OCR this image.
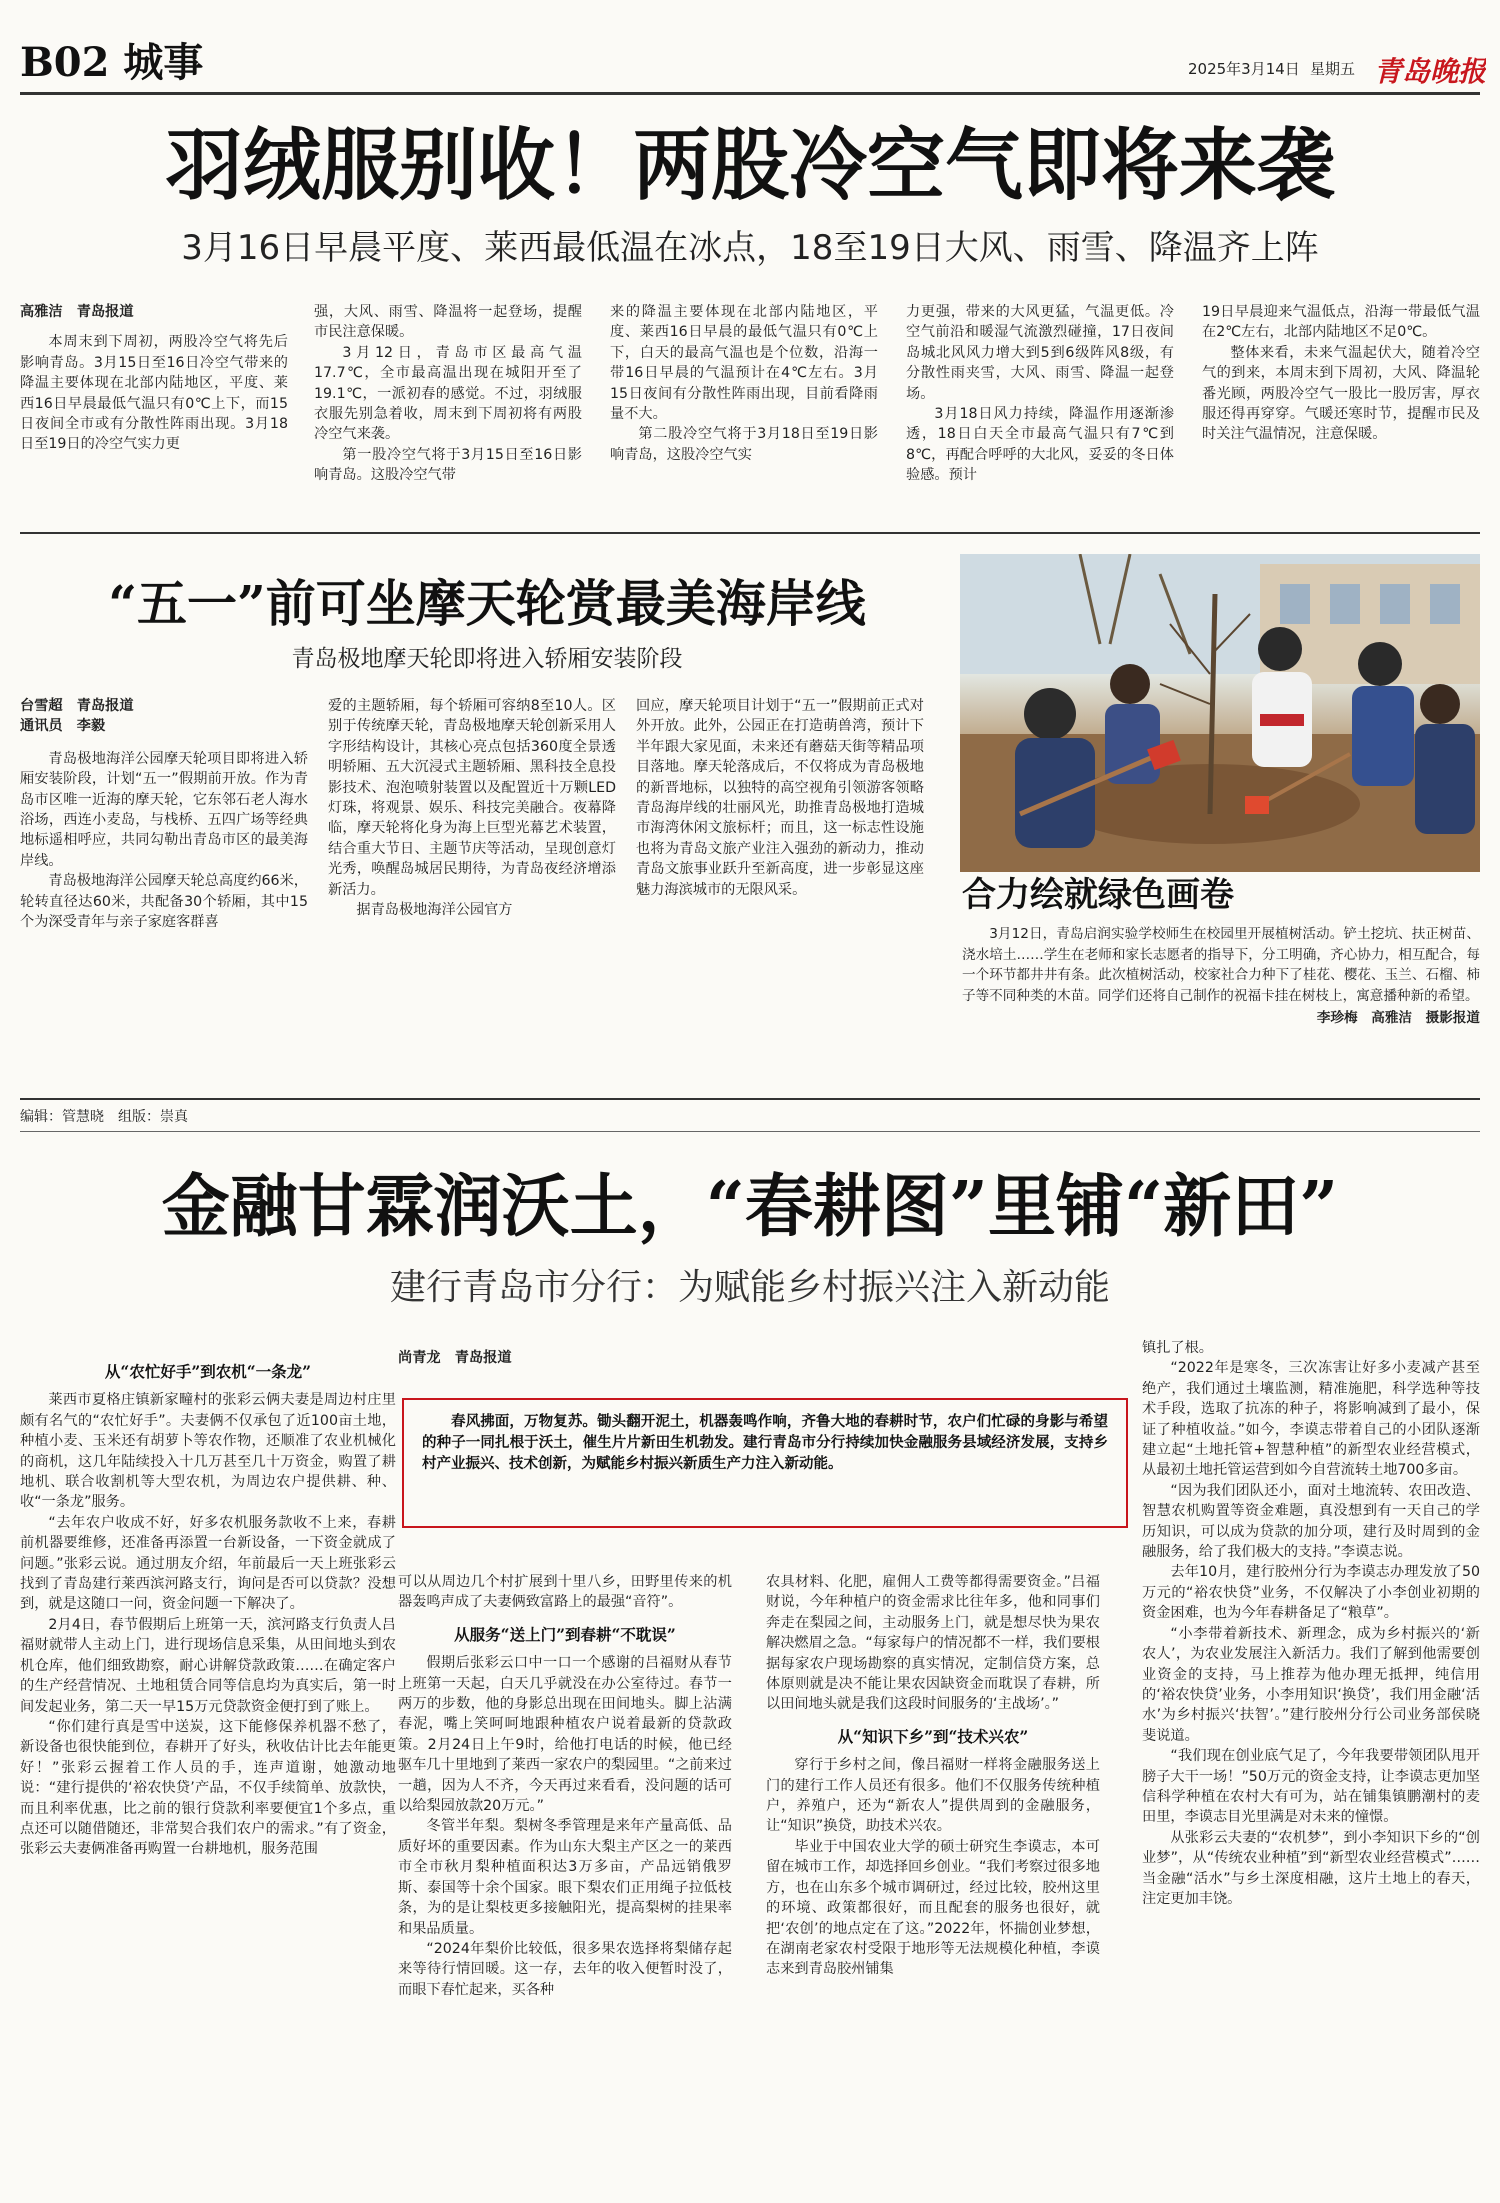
B02 城事	2025年3月14日 星期五 青岛晚报
羽绒服别收！两股冷空气即将来袭
3月16日早晨平度、莱西最低温在冰点，18至19日大风、雨雪、降温齐上阵

高雅洁　青岛报道

本周末到下周初，两股冷空气将先后影响青岛。3月15日至16日冷空气带来的降温主要体现在北部内陆地区，平度、莱西16日早晨最低气温只有0℃上下，而15日夜间全市或有分散性阵雨出现。3月18日至19日的冷空气实力更

强，大风、雨雪、降温将一起登场，提醒市民注意保暖。

3月12日，青岛市区最高气温17.7℃，全市最高温出现在城阳开至了19.1℃，一派初春的感觉。不过，羽绒服衣服先别急着收，周末到下周初将有两股冷空气来袭。

第一股冷空气将于3月15日至16日影响青岛。这股冷空气带

来的降温主要体现在北部内陆地区，平度、莱西16日早晨的最低气温只有0℃上下，白天的最高气温也是个位数，沿海一带16日早晨的气温预计在4℃左右。3月15日夜间有分散性阵雨出现，目前看降雨量不大。

第二股冷空气将于3月18日至19日影响青岛，这股冷空气实

力更强，带来的大风更猛，气温更低。冷空气前沿和暖湿气流激烈碰撞，17日夜间岛城北风风力增大到5到6级阵风8级，有分散性雨夹雪，大风、雨雪、降温一起登场。

3月18日风力持续，降温作用逐渐渗透，18日白天全市最高气温只有7℃到8℃，再配合呼呼的大北风，妥妥的冬日体验感。预计

19日早晨迎来气温低点，沿海一带最低气温在2℃左右，北部内陆地区不足0℃。

整体来看，未来气温起伏大，随着冷空气的到来，本周末到下周初，大风、降温轮番光顾，两股冷空气一股比一股厉害，厚衣服还得再穿穿。气暖还寒时节，提醒市民及时关注气温情况，注意保暖。

“五一”前可坐摩天轮赏最美海岸线
青岛极地摩天轮即将进入轿厢安装阶段

台雪超　青岛报道

通讯员　李毅

青岛极地海洋公园摩天轮项目即将进入轿厢安装阶段，计划“五一”假期前开放。作为青岛市区唯一近海的摩天轮，它东邻石老人海水浴场，西连小麦岛，与栈桥、五四广场等经典地标遥相呼应，共同勾勒出青岛市区的最美海岸线。

青岛极地海洋公园摩天轮总高度约66米，轮转直径达60米，共配备30个轿厢，其中15个为深受青年与亲子家庭客群喜

爱的主题轿厢，每个轿厢可容纳8至10人。区别于传统摩天轮，青岛极地摩天轮创新采用人字形结构设计，其核心亮点包括360度全景透明轿厢、五大沉浸式主题轿厢、黑科技全息投影技术、泡泡喷射装置以及配置近十万颗LED灯珠，将观景、娱乐、科技完美融合。夜幕降临，摩天轮将化身为海上巨型光幕艺术装置，结合重大节日、主题节庆等活动，呈现创意灯光秀，唤醒岛城居民期待，为青岛夜经济增添新活力。

据青岛极地海洋公园官方

回应，摩天轮项目计划于“五一”假期前正式对外开放。此外，公园正在打造萌兽湾，预计下半年跟大家见面，未来还有蘑菇天街等精品项目落地。摩天轮落成后，不仅将成为青岛极地的新晋地标，以独特的高空视角引领游客领略青岛海岸线的壮丽风光，助推青岛极地打造城市海湾休闲文旅标杆；而且，这一标志性设施也将为青岛文旅产业注入强劲的新动力，推动青岛文旅事业跃升至新高度，进一步彰显这座魅力海滨城市的无限风采。	合力绘就绿色画卷

3月12日，青岛启润实验学校师生在校园里开展植树活动。铲土挖坑、扶正树苗、浇水培土……学生在老师和家长志愿者的指导下，分工明确，齐心协力，相互配合，每一个环节都井井有条。此次植树活动，校家社合力种下了桂花、樱花、玉兰、石榴、柿子等不同种类的木苗。同学们还将自己制作的祝福卡挂在树枝上，寓意播种新的希望。

李珍梅　高雅洁　摄影报道

编辑：管慧晓　组版：崇真
金融甘霖润沃土，“春耕图”里铺“新田”
建行青岛市分行：为赋能乡村振兴注入新动能
从“农忙好手”到农机“一条龙”

莱西市夏格庄镇新家疃村的张彩云俩夫妻是周边村庄里颇有名气的“农忙好手”。夫妻俩不仅承包了近100亩土地，种植小麦、玉米还有胡萝卜等农作物，还顺准了农业机械化的商机，这几年陆续投入十几万甚至几十万资金，购置了耕地机、联合收割机等大型农机，为周边农户提供耕、种、收“一条龙”服务。

“去年农户收成不好，好多农机服务款收不上来，春耕前机器要维修，还准备再添置一台新设备，一下资金就成了问题。”张彩云说。通过朋友介绍，年前最后一天上班张彩云找到了青岛建行莱西滨河路支行，询问是否可以贷款？没想到，就是这随口一问，资金问题一下解决了。

2月4日，春节假期后上班第一天，滨河路支行负责人吕福财就带人主动上门，进行现场信息采集，从田间地头到农机仓库，他们细致勘察，耐心讲解贷款政策……在确定客户的生产经营情况、土地租赁合同等信息均为真实后，第一时间发起业务，第二天一早15万元贷款资金便打到了账上。

“你们建行真是雪中送炭，这下能修保养机器不愁了，新设备也很快能到位，春耕开了好头，秋收估计比去年能更好！”张彩云握着工作人员的手，连声道谢，她激动地说：“建行提供的‘裕农快贷’产品，不仅手续简单、放款快，而且利率优惠，比之前的银行贷款利率要便宜1个多点，重点还可以随借随还，非常契合我们农户的需求。”有了资金，张彩云夫妻俩准备再购置一台耕地机，服务范围

尚青龙　青岛报道

春风拂面，万物复苏。锄头翻开泥土，机器轰鸣作响，齐鲁大地的春耕时节，农户们忙碌的身影与希望的种子一同扎根于沃土，催生片片新田生机勃发。建行青岛市分行持续加快金融服务县域经济发展，支持乡村产业振兴、技术创新，为赋能乡村振兴新质生产力注入新动能。

可以从周边几个村扩展到十里八乡，田野里传来的机器轰鸣声成了夫妻俩致富路上的最强“音符”。

从服务“送上门”到春耕“不耽误”

假期后张彩云口中一口一个感谢的吕福财从春节上班第一天起，白天几乎就没在办公室待过。春节一两万的步数，他的身影总出现在田间地头。脚上沾满春泥，嘴上笑呵呵地跟种植农户说着最新的贷款政策。2月24日上午9时，给他打电话的时候，他已经驱车几十里地到了莱西一家农户的梨园里。“之前来过一趟，因为人不齐，今天再过来看看，没问题的话可以给梨园放款20万元。”

冬管半年梨。梨树冬季管理是来年产量高低、品质好坏的重要因素。作为山东大梨主产区之一的莱西市全市秋月梨种植面积达3万多亩，产品远销俄罗斯、泰国等十余个国家。眼下梨农们正用绳子拉低枝条，为的是让梨枝更多接触阳光，提高梨树的挂果率和果品质量。

“2024年梨价比较低，很多果农选择将梨储存起来等待行情回暖。这一存，去年的收入便暂时没了，而眼下春忙起来，买各种

农具材料、化肥，雇佣人工费等都得需要资金。”吕福财说，今年种植户的资金需求比往年多，他和同事们奔走在梨园之间，主动服务上门，就是想尽快为果农解决燃眉之急。“每家每户的情况都不一样，我们要根据每家农户现场勘察的真实情况，定制信贷方案，总体原则就是决不能让果农因缺资金而耽误了春耕，所以田间地头就是我们这段时间服务的‘主战场’。”

从“知识下乡”到“技术兴农”

穿行于乡村之间，像吕福财一样将金融服务送上门的建行工作人员还有很多。他们不仅服务传统种植户，养殖户，还为“新农人”提供周到的金融服务，让“知识”换贷，助技术兴农。

毕业于中国农业大学的硕士研究生李谟志，本可留在城市工作，却选择回乡创业。“我们考察过很多地方，也在山东多个城市调研过，经过比较，胶州这里的环境、政策都很好，而且配套的服务也很好，就把‘农创’的地点定在了这。”2022年，怀揣创业梦想，在湖南老家农村受限于地形等无法规模化种植，李谟志来到青岛胶州铺集

镇扎了根。

“2022年是寒冬，三次冻害让好多小麦减产甚至绝产，我们通过土壤监测，精准施肥，科学选种等技术手段，选取了抗冻的种子，将影响减到了最小，保证了种植收益。”如今，李谟志带着自己的小团队逐渐建立起“土地托管+智慧种植”的新型农业经营模式，从最初土地托管运营到如今自营流转土地700多亩。

“因为我们团队还小，面对土地流转、农田改造、智慧农机购置等资金难题，真没想到有一天自己的学历知识，可以成为贷款的加分项，建行及时周到的金融服务，给了我们极大的支持。”李谟志说。

去年10月，建行胶州分行为李谟志办理发放了50万元的“裕农快贷”业务，不仅解决了小李创业初期的资金困难，也为今年春耕备足了“粮草”。

“小李带着新技术、新理念，成为乡村振兴的‘新农人’，为农业发展注入新活力。我们了解到他需要创业资金的支持，马上推荐为他办理无抵押，纯信用的‘裕农快贷’业务，小李用知识‘换贷’，我们用金融‘活水’为乡村振兴‘扶智’。”建行胶州分行公司业务部侯晓斐说道。

“我们现在创业底气足了，今年我要带领团队甩开膀子大干一场！”50万元的资金支持，让李谟志更加坚信科学种植在农村大有可为，站在铺集镇鹏潮村的麦田里，李谟志目光里满是对未来的憧憬。

从张彩云夫妻的“农机梦”，到小李知识下乡的“创业梦”，从“传统农业种植”到“新型农业经营模式”……当金融“活水”与乡土深度相融，这片土地上的春天，注定更加丰饶。
